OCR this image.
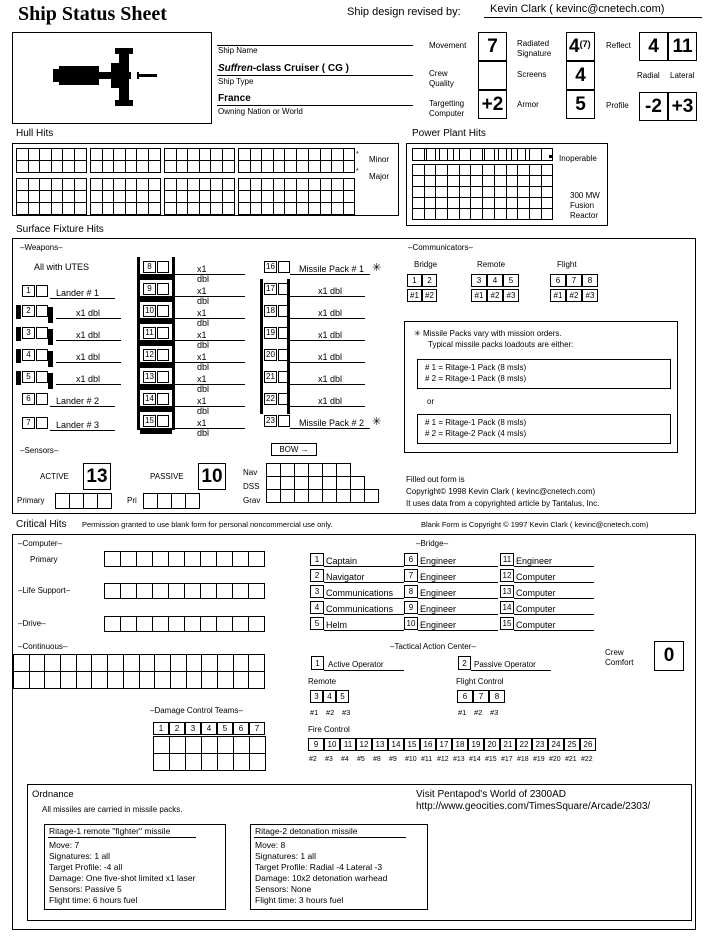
Ship Status Sheet	Ship design revised by:	Kevin Clark ( kevinc@cnetech.com)
Ship Name
Suffren-class Cruiser ( CG )
Ship Type
France
Owning Nation or World
Movement	7
Crew Quality
Targetting Computer +2
Radiated Signature 4 (7)
Screens	4
Armor	5
Reflect 4 11
Radial Lateral
Profile -2 +3
Hull Hits
*
*
Minor
Major
Power Plant Hits
Inoperable
300 MW
Fusion
Reactor
Surface Fixture Hits
–Weapons–
All with UTES
1	Lander # 1
2	x1 dbl
3	x1 dbl
4	x1 dbl
5	x1 dbl
6	Lander # 2
7	Lander # 3
8	x1 dbl
9	x1 dbl
10	x1 dbl
11	x1 dbl
12	x1 dbl
13	x1 dbl
14	x1 dbl
15	x1 dbl
16	Missile Pack # 1 ✳
17	x1 dbl
18	x1 dbl
19	x1 dbl
20	x1 dbl
21	x1 dbl
22	x1 dbl
23	Missile Pack # 2 ✳
–Sensors–
ACTIVE 13	PASSIVE 10
Primary	Pri
BOW →
Nav
DSS
Grav
–Communicators–
Bridge	Remote	Flight
1	2
#1 #2
3	4	5
#1 #2 #3
6	7	8
#1 #2 #3
✳ Missile Packs vary with mission orders.
Typical missile packs loadouts are either:
# 1 = Ritage-1 Pack (8 msls)
# 2 = Ritage-1 Pack (8 msls)
or
# 1 = Ritage-1 Pack (8 msls)
# 2 = Ritage-2 Pack (4 msls)
Filled out form is
Copyright© 1998 Kevin Clark ( kevinc@cnetech.com)
It uses data from a copyrighted article by Tantalus, Inc.
Critical Hits Permission granted to use blank form for personal noncommercial use only.	Blank Form is Copyright © 1997 Kevin Clark ( kevinc@cnetech.com)
–Computer–
Primary
–Life Support–
–Drive–
–Continuous–
–Bridge–
1 Captain
2 Navigator
3 Communications
4 Communications
5 Helm
6 Engineer
7 Engineer
8 Engineer
9 Engineer
10 Engineer
11 Engineer
12 Computer
13 Computer
14 Computer
15 Computer
–Tactical Action Center–
1	Active Operator	2 Passive Operator
Crew Comfort	0
Remote	Flight Control
–Damage Control Teams–
Fire Control
3	4	5
#1 #2 #3
6	7	8
#1 #2 #3
1	2	3	4	5	6	7
9	10 11 12 13 14 15 16 17 18 19 20 21 22 23 24 25 26
#2 #3 #4 #5 #8 #9 #10 #11 #12 #13 #14 #15 #17 #18 #19 #20 #21 #22
Ordnance
All missiles are carried in missile packs.
Visit Pentapod's World of 2300AD
http://www.geocities.com/TimesSquare/Arcade/2303/
Ritage-1 remote "fighter" missile
Move: 7
Signatures: 1 all
Target Profile: -4 all
Damage: One five-shot limited x1 laser
Sensors: Passive 5
Flight time: 6 hours fuel
Ritage-2 detonation missile
Move: 8
Signatures: 1 all
Target Profile: Radial -4 Lateral -3
Damage: 10x2 detonation warhead
Sensors: None
Flight time: 3 hours fuel
